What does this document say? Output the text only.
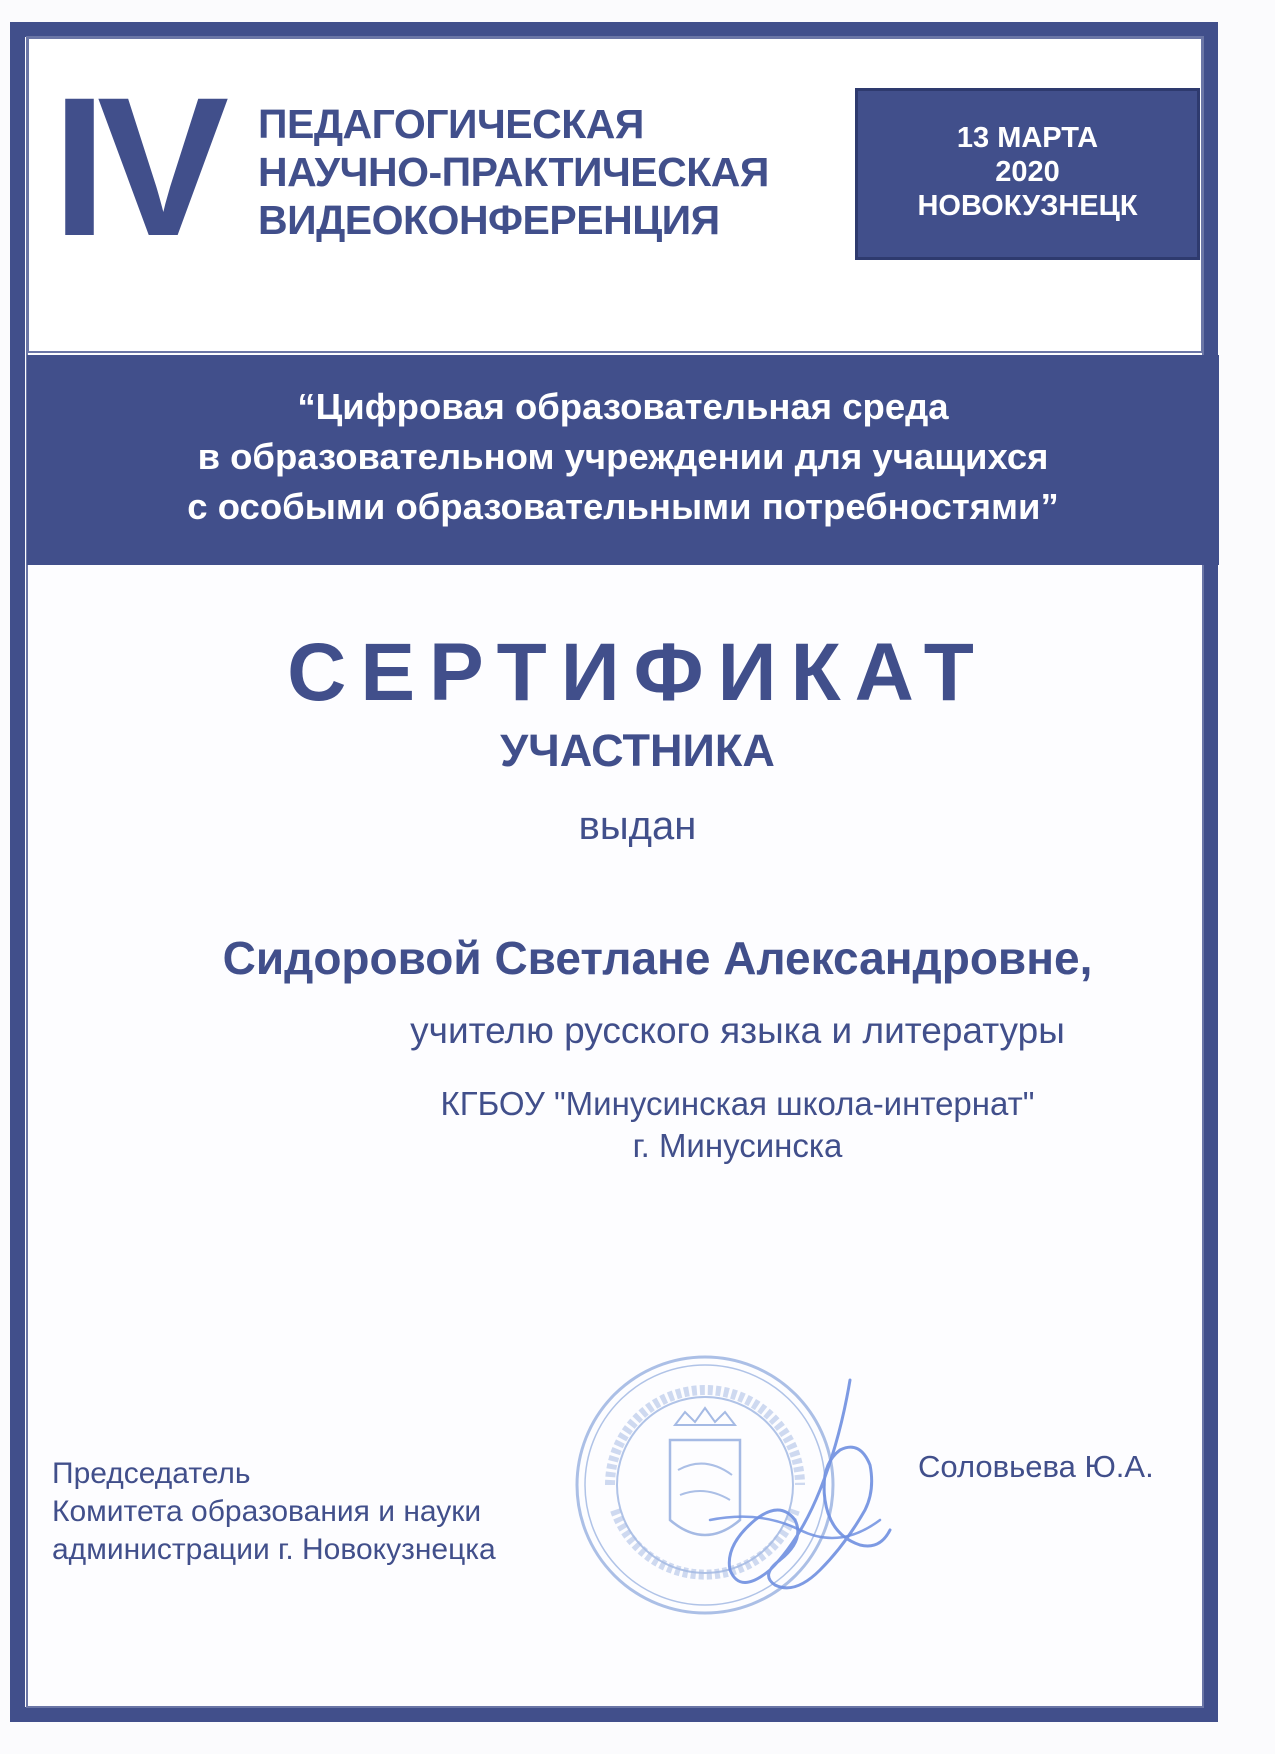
IV ПЕДАГОГИЧЕСКАЯ
НАУЧНО-ПРАКТИЧЕСКАЯ
ВИДЕОКОНФЕРЕНЦИЯ
13 МАРТА
2020
НОВОКУЗНЕЦК
“Цифровая образовательная среда
в образовательном учреждении для учащихся
с особыми образовательными потребностями”
СЕРТИФИКАТ
УЧАСТНИКА
выдан
Сидоровой Светлане Александровне,
учителю русского языка и литературы
КГБОУ "Минусинская школа-интернат"
г. Минусинска
Председатель
Комитета образования и науки
администрации г. Новокузнецка
Соловьева Ю.А.
